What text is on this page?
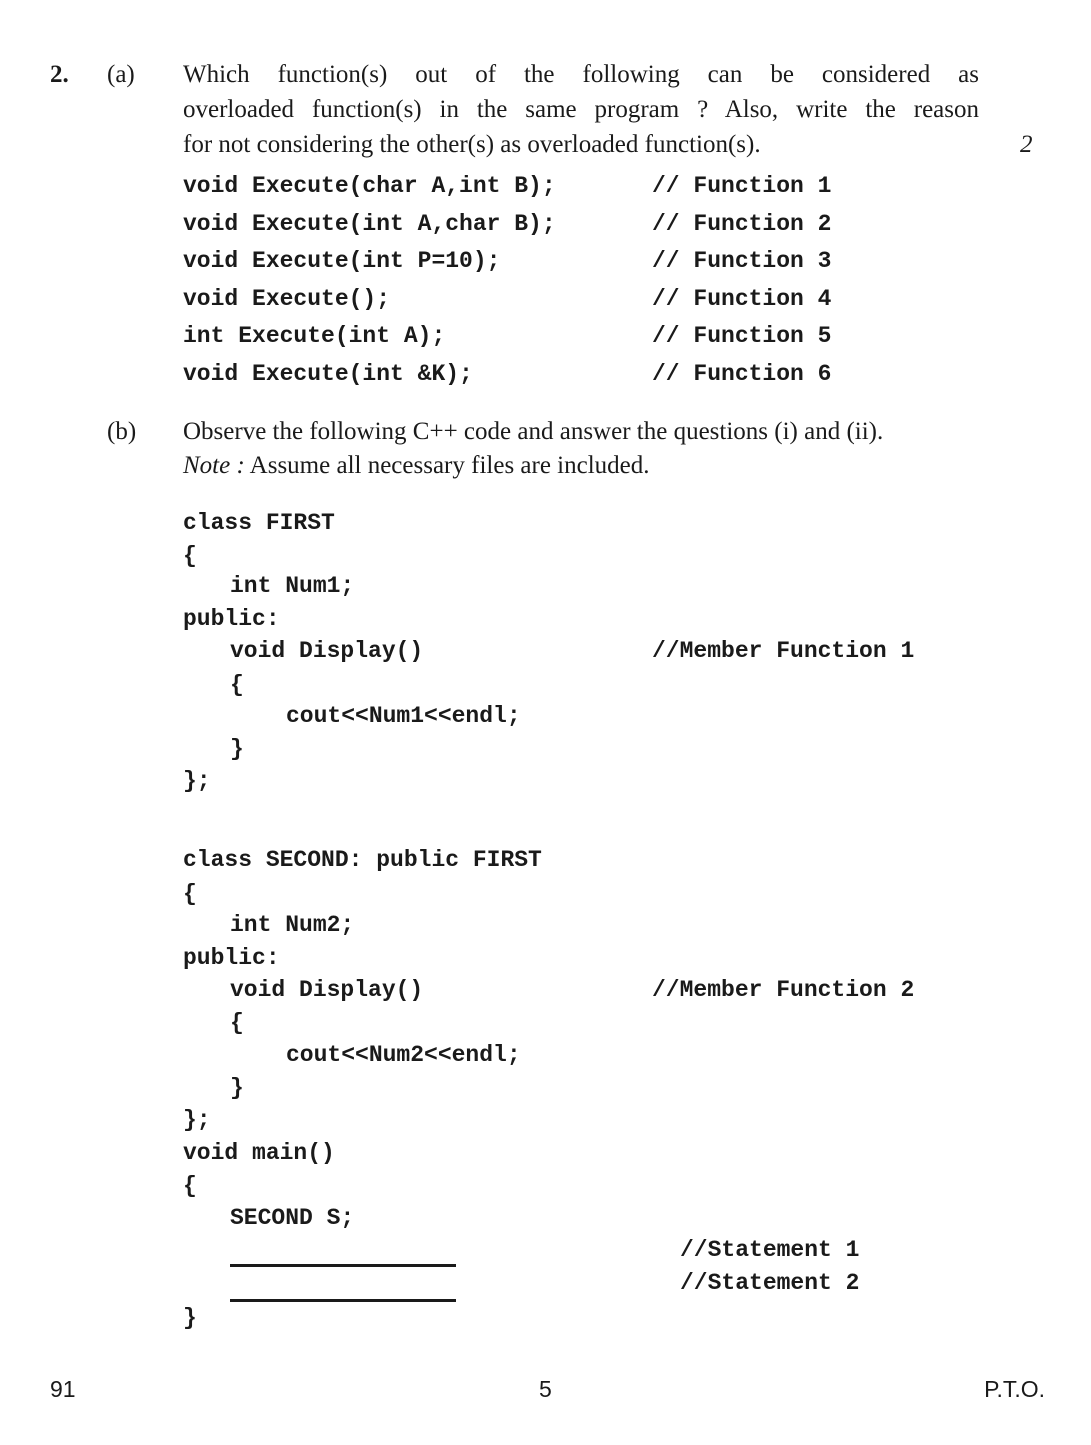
2. (a) Which function(s) out of the following can be considered as
overloaded function(s) in the same program ? Also, write the reason
for not considering the other(s) as overloaded function(s).	2
void Execute(char A,int B);	// Function 1
void Execute(int A,char B);	// Function 2
void Execute(int P=10);	// Function 3
void Execute();	// Function 4
int Execute(int A);	// Function 5
void Execute(int &K);	// Function 6
(b) Observe the following C++ code and answer the questions (i) and (ii).
Note : Assume all necessary files are included.
class FIRST
{
int Num1;
public:
void Display()	//Member Function 1
{
cout<<Num1<<endl;
}
};
class SECOND: public FIRST
{
int Num2;
public:
void Display()	//Member Function 2
{
cout<<Num2<<endl;
}
};
void main()
{
SECOND S;
//Statement 1
//Statement 2
}
91	5	P.T.O.
